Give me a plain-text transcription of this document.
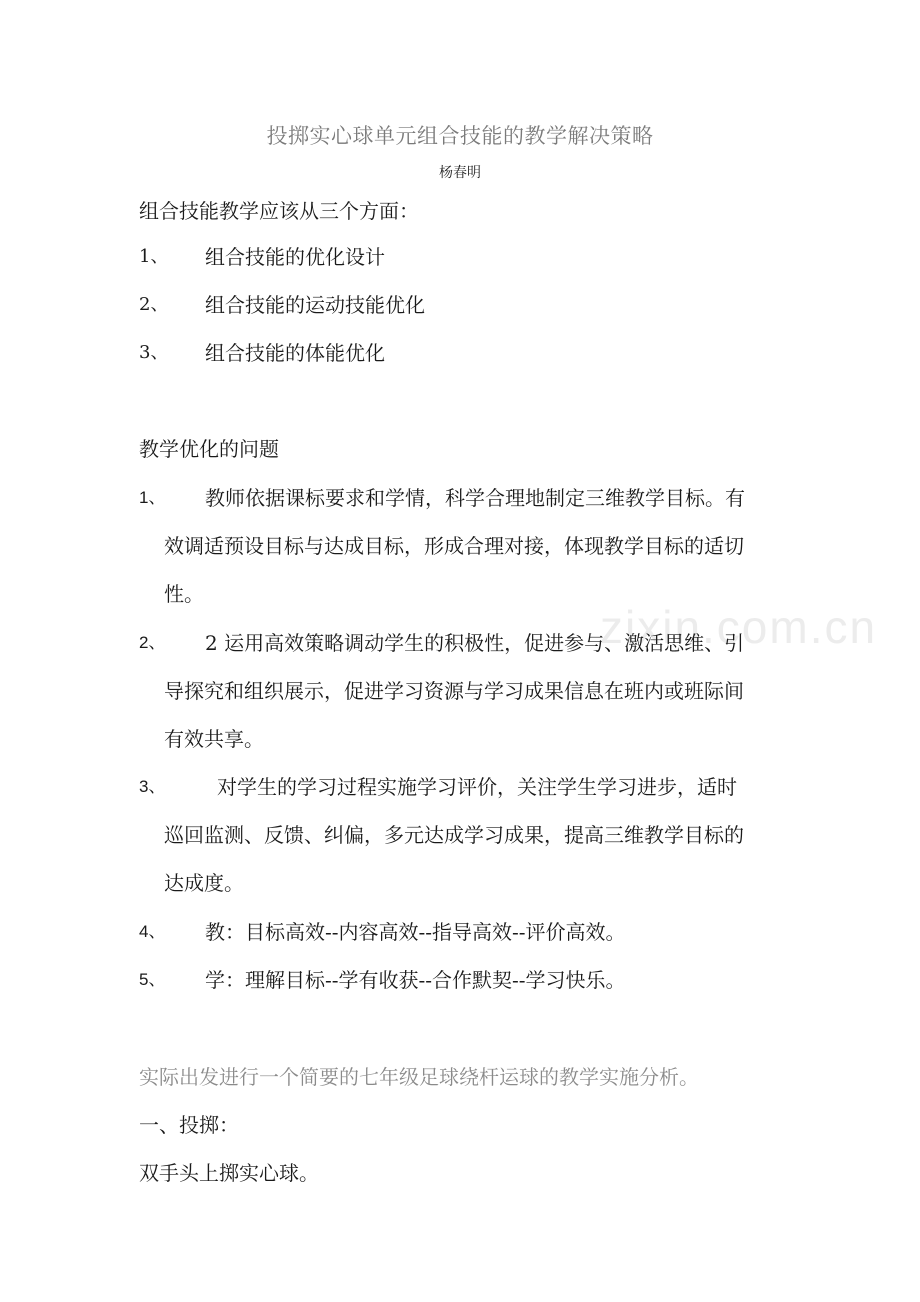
zixin.com.cn
投掷实心球单元组合技能的教学解决策略
杨春明
组合技能教学应该从三个方面：
1、 组合技能的优化设计
2、 组合技能的运动技能优化
3、 组合技能的体能优化
教学优化的问题
1、 教师依据课标要求和学情，科学合理地制定三维教学目标。有
效调适预设目标与达成目标，形成合理对接，体现教学目标的适切
性。
2、 2 运用高效策略调动学生的积极性，促进参与、激活思维、引
导探究和组织展示，促进学习资源与学习成果信息在班内或班际间
有效共享。
3、	对学生的学习过程实施学习评价，关注学生学习进步，适时
巡回监测、反馈、纠偏，多元达成学习成果，提高三维教学目标的
达成度。
4、 教：目标高效--内容高效--指导高效--评价高效。
5、 学：理解目标--学有收获--合作默契--学习快乐。
实际出发进行一个简要的七年级足球绕杆运球的教学实施分析。
一、投掷：
双手头上掷实心球。
